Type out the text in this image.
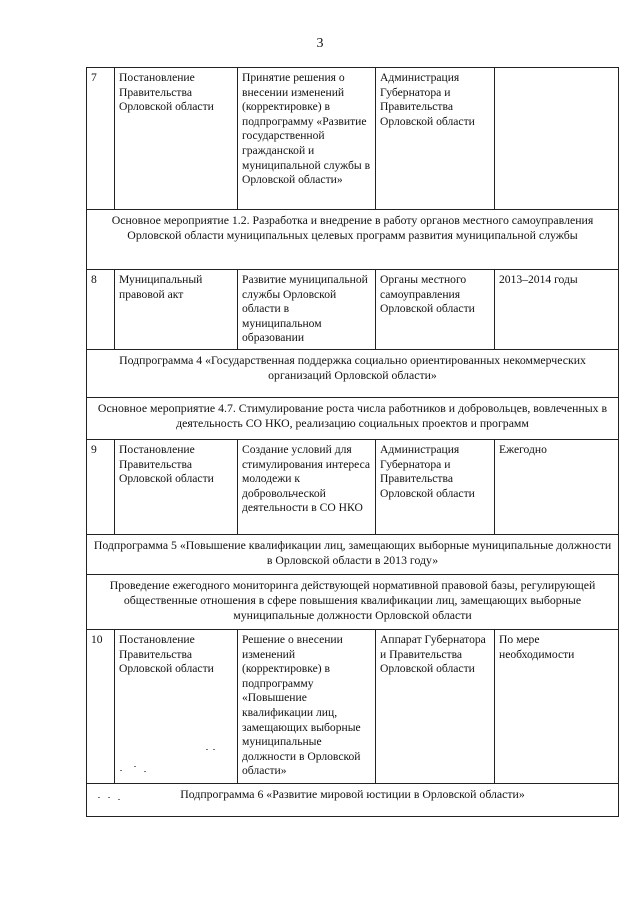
3
7	Постановление Правительства Орловской области	Принятие решения о внесении изменений (корректировке) в подпрограмму «Развитие государственной гражданской и муниципальной службы в Орловской области»	Администрация Губернатора и Правительства Орловской области	
Основное мероприятие 1.2. Разработка и внедрение в работу органов местного самоуправления Орловской области муниципальных целевых программ развития муниципальной службы				
8	Муниципальный правовой акт	Развитие муниципальной службы Орловской области в муниципальном образовании	Органы местного самоуправления Орловской области	2013–2014 годы
Подпрограмма 4 «Государственная поддержка социально ориентированных некоммерческих организаций Орловской области»				
Основное мероприятие 4.7. Стимулирование роста числа работников и добровольцев, вовлеченных в деятельность СО НКО, реализацию социальных проектов и программ				
9	Постановление Правительства Орловской области	Создание условий для стимулирования интереса молодежи к добровольческой деятельности в СО НКО	Администрация Губернатора и Правительства Орловской области	Ежегодно
Подпрограмма 5 «Повышение квалификации лиц, замещающих выборные муниципальные должности в Орловской области в 2013 году»				
Проведение ежегодного мониторинга действующей нормативной правовой базы, регулирующей общественные отношения в сфере повышения квалификации лиц, замещающих выборные муниципальные должности Орловской области				
10	Постановление Правительства Орловской области	Решение о внесении изменений (корректировке) в подпрограмму «Повышение квалификации лиц, замещающих выборные муниципальные должности в Орловской области»	Аппарат Губернатора и Правительства Орловской области	По мере необходимости
Подпрограмма 6 «Развитие мировой юстиции в Орловской области»				
